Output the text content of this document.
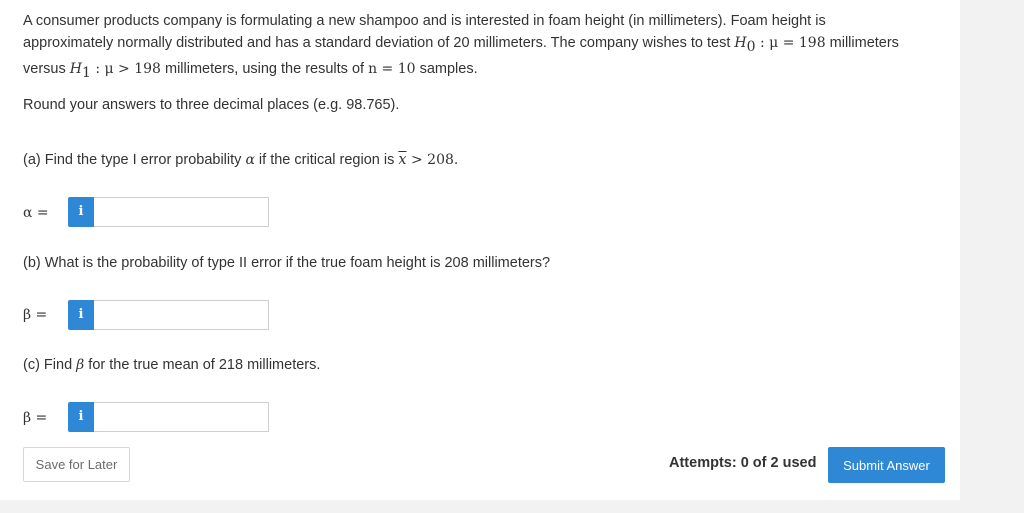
A consumer products company is formulating a new shampoo and is interested in foam height (in millimeters). Foam height is approximately normally distributed and has a standard deviation of 20 millimeters. The company wishes to test $H_0$ : μ = 198 millimeters versus $H_1$ : μ > 198 millimeters, using the results of n = 10 samples.
Round your answers to three decimal places (e.g. 98.765).
(a) Find the type I error probability α if the critical region is $\overline{x} > 208$.
α =	i
(b) What is the probability of type II error if the true foam height is 208 millimeters?
β =	i
(c) Find β for the true mean of 218 millimeters.
β =	i
Save for Later	Attempts: 0 of 2 used	Submit Answer
